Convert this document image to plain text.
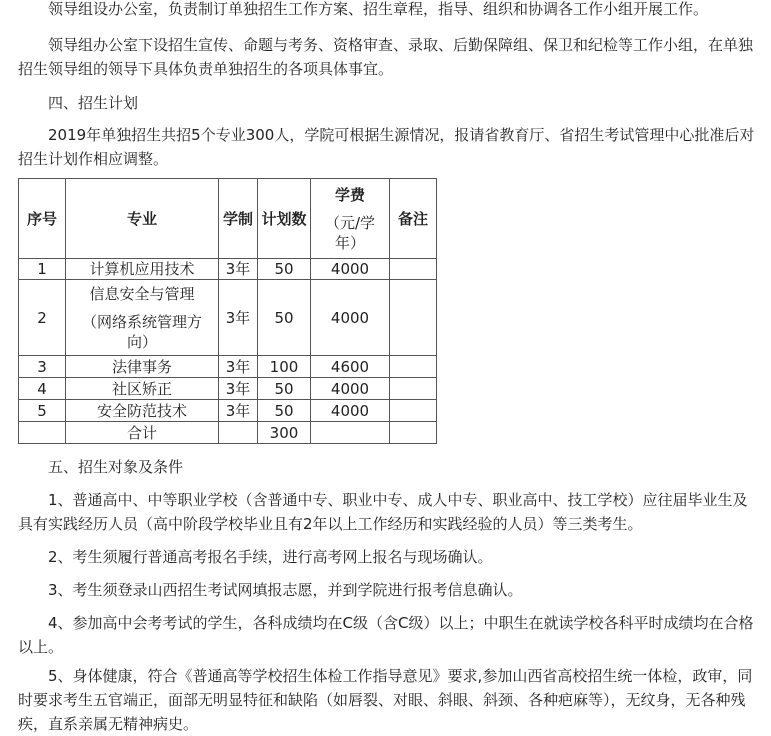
领导组设办公室，负责制订单独招生工作方案、招生章程，指导、组织和协调各工作小组开展工作。

领导组办公室下设招生宣传、命题与考务、资格审查、录取、后勤保障组、保卫和纪检等工作小组，在单独招生领导组的领导下具体负责单独招生的各项具体事宜。

四、招生计划

2019年单独招生共招5个专业300人，学院可根据生源情况，报请省教育厅、省招生考试管理中心批准后对招生计划作相应调整。

序号	专业	学制	计划数	学费
（元/学
年）	备注
1	计算机应用技术	3年	50	4000	
2	信息安全与管理
（网络系统管理方
向）	3年	50	4000	
3	法律事务	3年	100	4600	
4	社区矫正	3年	50	4000	
5	安全防范技术	3年	50	4000	
	合计		300		

五、招生对象及条件

1、普通高中、中等职业学校（含普通中专、职业中专、成人中专、职业高中、技工学校）应往届毕业生及具有实践经历人员（高中阶段学校毕业且有2年以上工作经历和实践经验的人员）等三类考生。

2、考生须履行普通高考报名手续，进行高考网上报名与现场确认。

3、考生须登录山西招生考试网填报志愿，并到学院进行报考信息确认。

4、参加高中会考考试的学生，各科成绩均在C级（含C级）以上；中职生在就读学校各科平时成绩均在合格以上。

5、身体健康，符合《普通高等学校招生体检工作指导意见》要求,参加山西省高校招生统一体检，政审，同时要求考生五官端正，面部无明显特征和缺陷（如唇裂、对眼、斜眼、斜颈、各种疤麻等），无纹身，无各种残疾，直系亲属无精神病史。
